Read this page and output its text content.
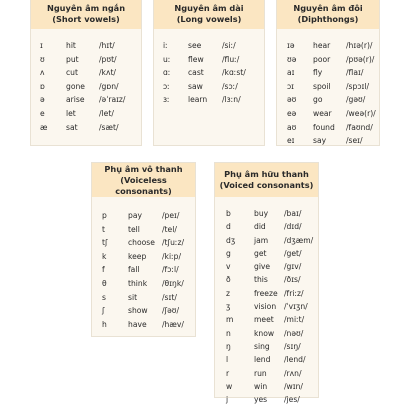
Nguyên âm ngắn
(Short vowels)
ɪ	hit	/hɪt/
ʊ	put	/pʊt/
ʌ	cut	/kʌt/
ɒ	gone /gɒn/
ə	arise /əˈraɪz/
e	let	/let/
æ sat	/sæt/
Nguyên âm dài
(Long vowels)
iː	see	/siː/
uː flew /fluː/
ɑː cast /kɑːst/
ɔː saw	/sɔː/
ɜː learn /lɜːn/
Nguyên âm đôi
(Diphthongs)
ɪə hear /hɪə(r)/
ʊə poor /pʊə(r)/
aɪ fly	/flaɪ/
ɔɪ	spoil /spɔɪl/
əʊ go	/gəʊ/
eə wear /weə(r)/
aʊ found /faʊnd/
eɪ say	/seɪ/
Phụ âm vô thanh
(Voiceless consonants)
p	pay	/peɪ/
t	tell	/tel/
tʃ	choose /tʃuːz/
k	keep /kiːp/
f	fall	/fɔːl/
θ	think /θɪŋk/
s	sit	/sɪt/
ʃ	show /ʃəʊ/
h	have /hæv/
Phụ âm hữu thanh
(Voiced consonants)
b	buy /baɪ/
d	did /dɪd/
dʒ jam /dʒæm/
g	get /get/
v	give /gɪv/
ð	this /ðɪs/
z	freeze /friːz/
ʒ	vision /ˈvɪʒn/
m	meet /miːt/
n	know /nəʊ/
ŋ	sing /sɪŋ/
l	lend /lend/
r	run /rʌn/
w	win /wɪn/
j	yes /jes/
